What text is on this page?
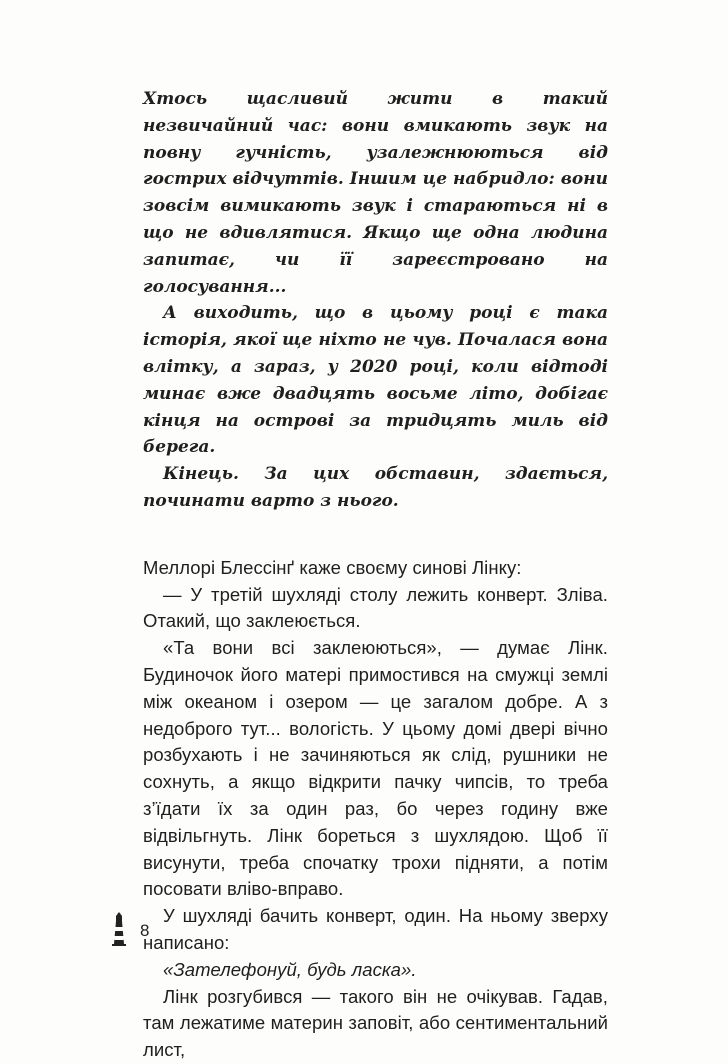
Хтось щасливий жити в такий незвичайний час: вони вмикають звук на повну гучність, узалежнюються від гострих відчуттів. Іншим це набридло: вони зовсім вимикають звук і стараються ні в що не вдивлятися. Якщо ще одна людина запитає, чи її зареєстровано на голосування...

А виходить, що в цьому році є така історія, якої ще ніхто не чув. Почалася вона влітку, а зараз, у 2020 році, коли відтоді минає вже двадцять восьме літо, добігає кінця на острові за тридцять миль від берега.

Кінець. За цих обставин, здається, починати варто з нього.

Меллорі Блессінґ каже своєму синові Лінку:

— У третій шухляді столу лежить конверт. Зліва. Отакий, що заклеюється.

«Та вони всі заклеюються», — думає Лінк. Будиночок його матері примостився на смужці землі між океаном і озером — це загалом добре. А з недоброго тут... вологість. У цьому домі двері вічно розбухають і не зачиняються як слід, рушники не сохнуть, а якщо відкрити пачку чипсів, то треба з’їдати їх за один раз, бо через годину вже відвільгнуть. Лінк бореться з шухлядою. Щоб її висунути, треба спочатку трохи підняти, а потім посовати вліво-вправо.

У шухляді бачить конверт, один. На ньому зверху написано:

«Зателефонуй, будь ласка».

Лінк розгубився — такого він не очікував. Гадав, там лежатиме материн заповіт, або сентиментальний лист,

8
